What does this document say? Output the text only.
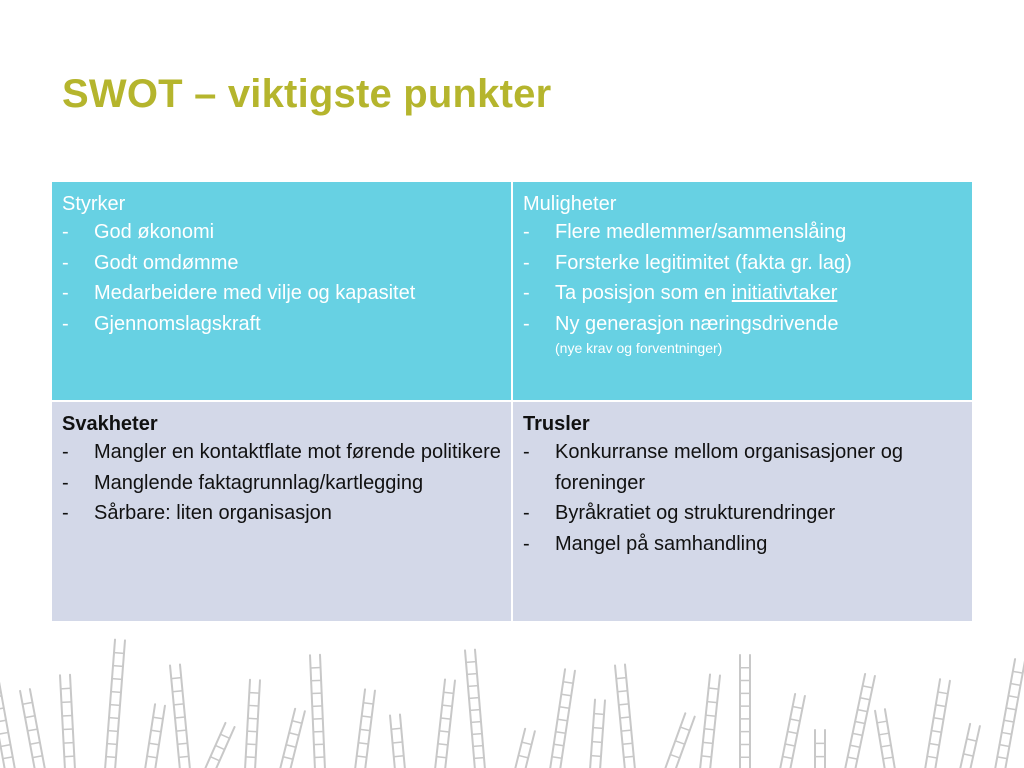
SWOT – viktigste punkter
Styrker
- God økonomi
- Godt omdømme
- Medarbeidere med vilje og kapasitet
- Gjennomslagskraft
Muligheter
- Flere medlemmer/sammenslåing
- Forsterke legitimitet (fakta gr. lag)
- Ta posisjon som en initiativtaker
- Ny generasjon næringsdrivende
(nye krav og forventninger)
Svakheter
- Mangler en kontaktflate mot førende politikere
- Manglende faktagrunnlag/kartlegging
- Sårbare: liten organisasjon
Trusler
- Konkurranse mellom organisasjoner og foreninger
- Byråkratiet og strukturendringer
- Mangel på samhandling
